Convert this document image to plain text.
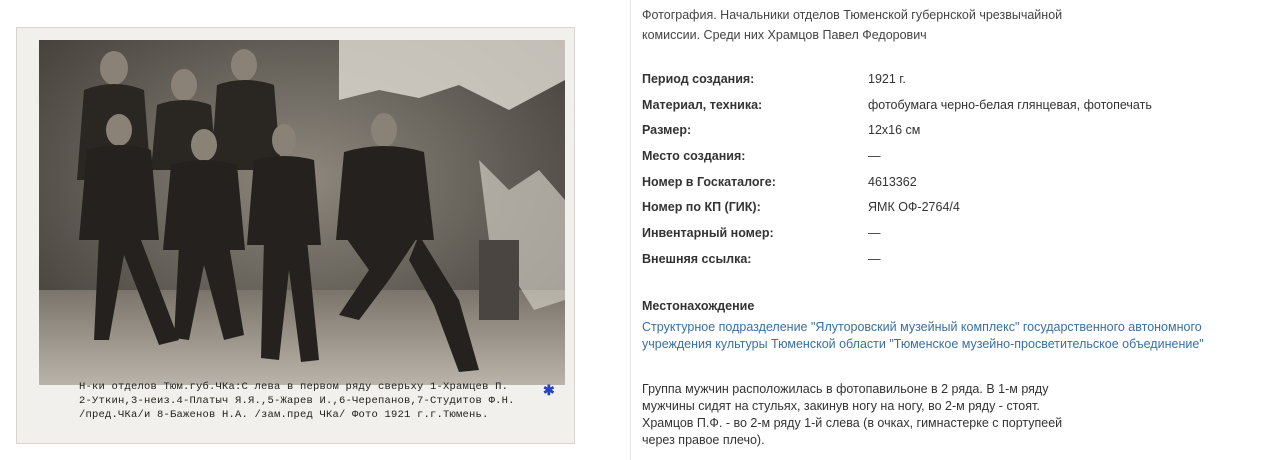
Н-ки отделов Тюм.губ.ЧКа:С лева в первом ряду сверьху 1-Храмцев П.
2-Уткин,3-неиз.4-Платыч Я.Я.,5-Жарев И.,6-Черепанов,7-Студитов Ф.Н.
/пред.ЧКа/и 8-Баженов Н.А. /зам.пред ЧКа/ Фото 1921 г.г.Тюмень.
✱
Фотография. Начальники отделов Тюменской губернской чрезвычайной комиссии. Среди них Храмцов Павел Федорович
Период создания:	1921 г.
Материал, техника:	фотобумага черно-белая глянцевая, фотопечать
Размер:	12х16 см
Место создания:	—
Номер в Госкаталоге:	4613362
Номер по КП (ГИК):	ЯМК ОФ-2764/4
Инвентарный номер:	—
Внешняя ссылка:	—
Местонахождение
Структурное подразделение "Ялуторовский музейный комплекс" государственного автономного учреждения культуры Тюменской области "Тюменское музейно-просветительское объединение"
Группа мужчин расположилась в фотопавильоне в 2 ряда. В 1-м ряду мужчины сидят на стульях, закинув ногу на ногу, во 2-м ряду - стоят. Храмцов П.Ф. - во 2-м ряду 1-й слева (в очках, гимнастерке с портупеей через правое плечо).
